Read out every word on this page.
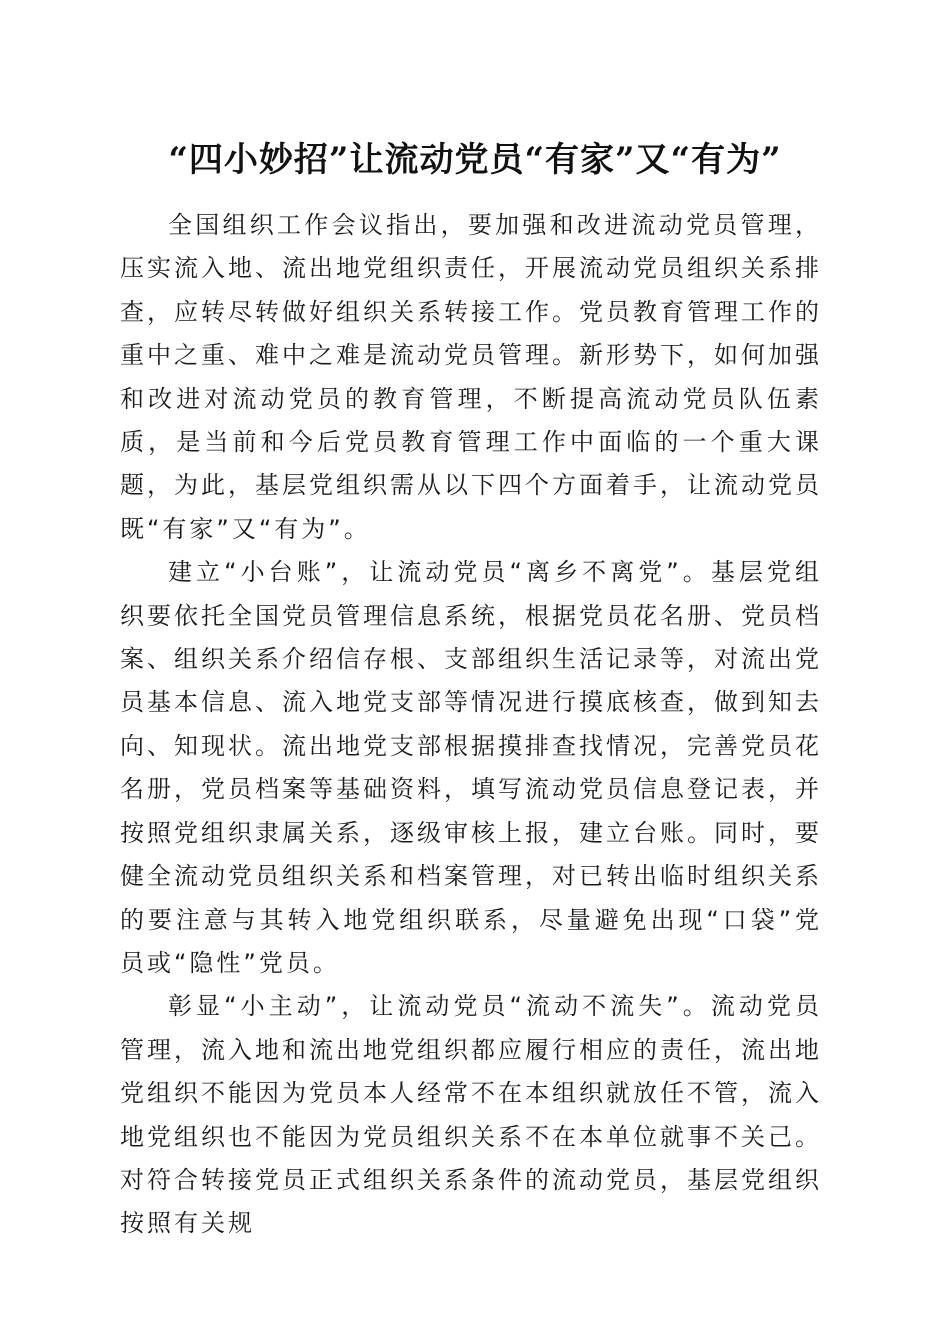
“四小妙招”让流动党员“有家”又“有为”

全国组织工作会议指出，要加强和改进流动党员管理，压实流入地、流出地党组织责任，开展流动党员组织关系排查，应转尽转做好组织关系转接工作。党员教育管理工作的重中之重、难中之难是流动党员管理。新形势下，如何加强和改进对流动党员的教育管理，不断提高流动党员队伍素质，是当前和今后党员教育管理工作中面临的一个重大课题，为此，基层党组织需从以下四个方面着手，让流动党员既“有家”又“有为”。

建立“小台账”，让流动党员“离乡不离党”。基层党组织要依托全国党员管理信息系统，根据党员花名册、党员档案、组织关系介绍信存根、支部组织生活记录等，对流出党员基本信息、流入地党支部等情况进行摸底核查，做到知去向、知现状。流出地党支部根据摸排查找情况，完善党员花名册，党员档案等基础资料，填写流动党员信息登记表，并按照党组织隶属关系，逐级审核上报，建立台账。同时，要健全流动党员组织关系和档案管理，对已转出临时组织关系的要注意与其转入地党组织联系，尽量避免出现“口袋”党员或“隐性”党员。

彰显“小主动”，让流动党员“流动不流失”。流动党员管理，流入地和流出地党组织都应履行相应的责任，流出地党组织不能因为党员本人经常不在本组织就放任不管，流入地党组织也不能因为党员组织关系不在本单位就事不关己。对符合转接党员正式组织关系条件的流动党员，基层党组织按照有关规
